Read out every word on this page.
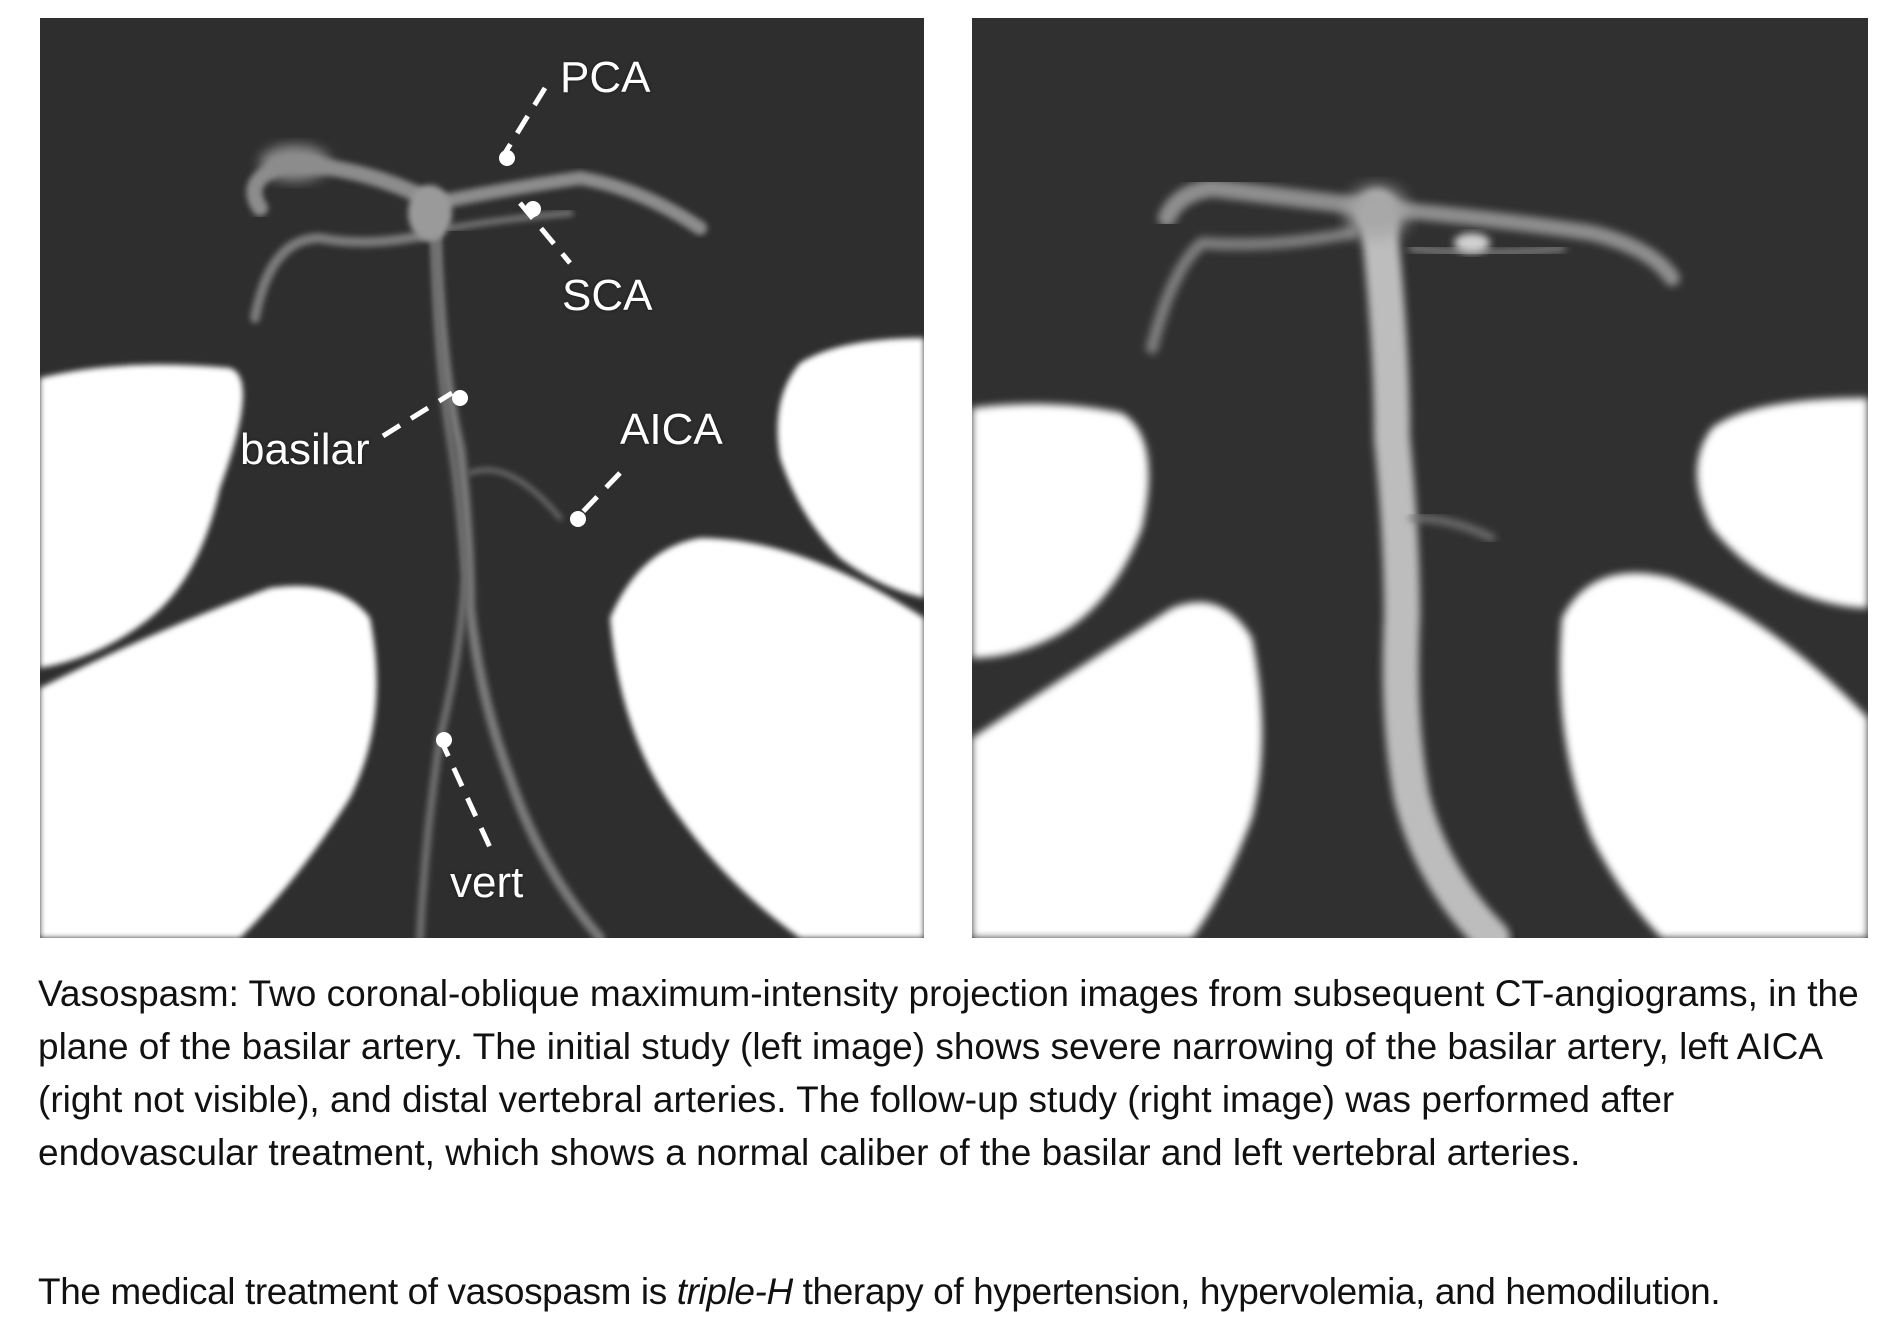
PCA
SCA
basilar	AICA
vert

Vasospasm: Two coronal-oblique maximum-intensity projection images from subsequent CT-angiograms, in the plane of the basilar artery. The initial study (left image) shows severe narrowing of the basilar artery, left AICA (right not visible), and distal vertebral arteries. The follow-up study (right image) was performed after endovascular treatment, which shows a normal caliber of the basilar and left vertebral arteries.

The medical treatment of vasospasm is triple-H therapy of hypertension, hypervolemia, and hemodilution.
